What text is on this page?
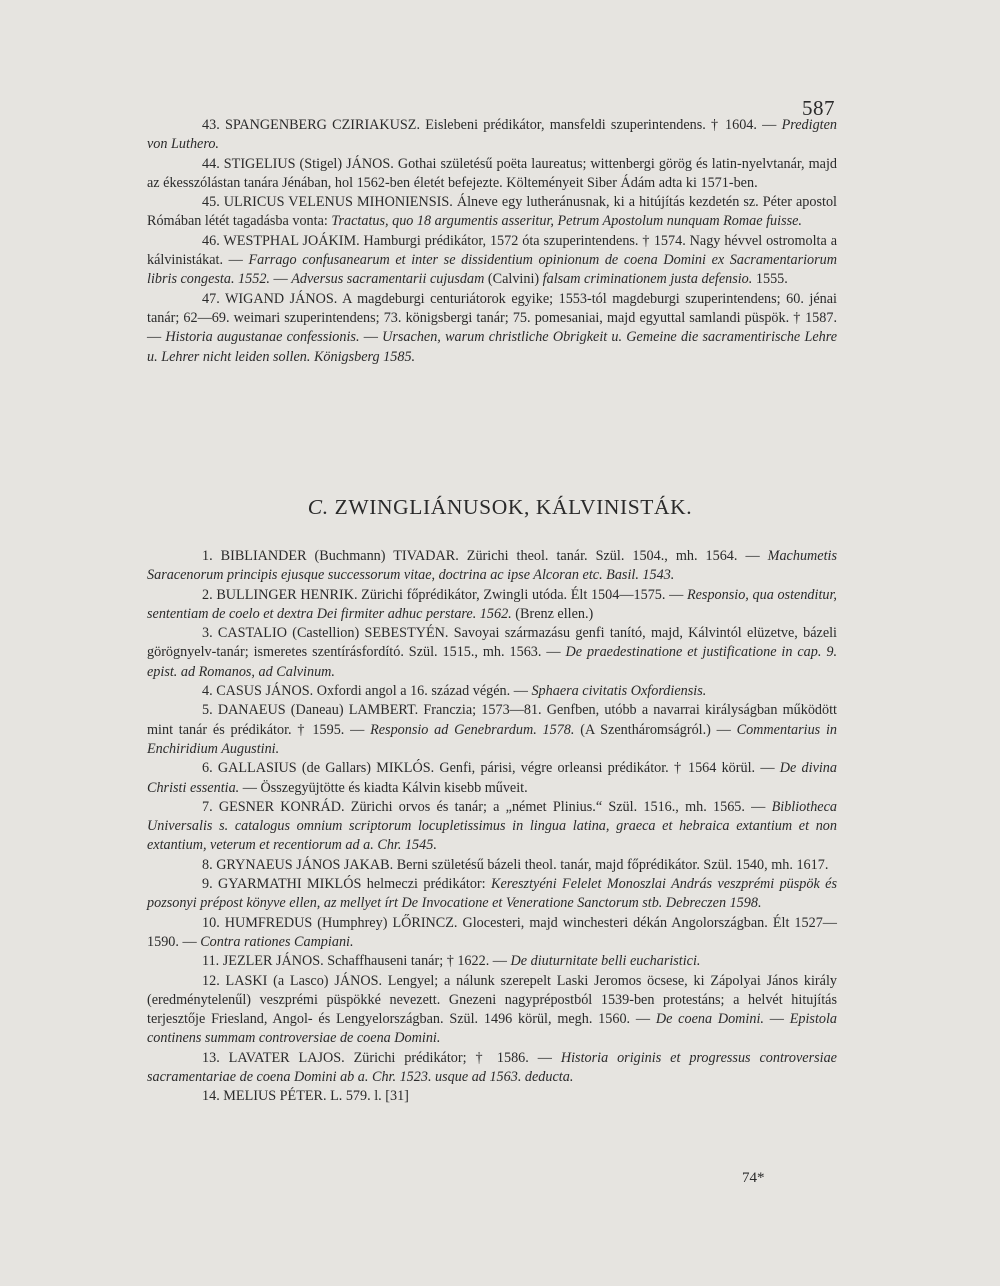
587

43. SPANGENBERG CZIRIAKUSZ. Eislebeni prédikátor, mansfeldi szuperintendens. † 1604. — Predigten von Luthero.

44. STIGELIUS (Stigel) JÁNOS. Gothai születésű poëta laureatus; wittenbergi görög és latin-nyelvtanár, majd az ékesszólástan tanára Jénában, hol 1562-ben életét befejezte. Költeményeit Siber Ádám adta ki 1571-ben.

45. ULRICUS VELENUS MIHONIENSIS. Álneve egy lutheránusnak, ki a hitújítás kezdetén sz. Péter apostol Rómában létét tagadásba vonta: Tractatus, quo 18 argumentis asseritur, Petrum Apostolum nunquam Romae fuisse.

46. WESTPHAL JOÁKIM. Hamburgi prédikátor, 1572 óta szuperintendens. † 1574. Nagy hévvel ostromolta a kálvinistákat. — Farrago confusanearum et inter se dissidentium opinionum de coena Domini ex Sacramentariorum libris congesta. 1552. — Adversus sacramentarii cujusdam (Calvini) falsam criminationem justa defensio. 1555.

47. WIGAND JÁNOS. A magdeburgi centuriátorok egyike; 1553-tól magdeburgi szuperintendens; 60. jénai tanár; 62—69. weimari szuperintendens; 73. königsbergi tanár; 75. pomesaniai, majd egyuttal samlandi püspök. † 1587. — Historia augustanae confessionis. — Ursachen, warum christliche Obrigkeit u. Gemeine die sacramentirische Lehre u. Lehrer nicht leiden sollen. Königsberg 1585.

C. ZWINGLIÁNUSOK, KÁLVINISTÁK.

1. BIBLIANDER (Buchmann) TIVADAR. Zürichi theol. tanár. Szül. 1504., mh. 1564. — Machumetis Saracenorum principis ejusque successorum vitae, doctrina ac ipse Alcoran etc. Basil. 1543.

2. BULLINGER HENRIK. Zürichi főprédikátor, Zwingli utóda. Élt 1504—1575. — Responsio, qua ostenditur, sententiam de coelo et dextra Dei firmiter adhuc perstare. 1562. (Brenz ellen.)

3. CASTALIO (Castellion) SEBESTYÉN. Savoyai származásu genfi tanító, majd, Kálvintól elüzetve, bázeli görögnyelv-tanár; ismeretes szentírásfordító. Szül. 1515., mh. 1563. — De praedestinatione et justificatione in cap. 9. epist. ad Romanos, ad Calvinum.

4. CASUS JÁNOS. Oxfordi angol a 16. század végén. — Sphaera civitatis Oxfordiensis.

5. DANAEUS (Daneau) LAMBERT. Franczia; 1573—81. Genfben, utóbb a navarrai királyságban működött mint tanár és prédikátor. † 1595. — Responsio ad Genebrardum. 1578. (A Szentháromságról.) — Commentarius in Enchiridium Augustini.

6. GALLASIUS (de Gallars) MIKLÓS. Genfi, párisi, végre orleansi prédikátor. † 1564 körül. — De divina Christi essentia. — Összegyüjtötte és kiadta Kálvin kisebb műveit.

7. GESNER KONRÁD. Zürichi orvos és tanár; a „német Plinius.“ Szül. 1516., mh. 1565. — Bibliotheca Universalis s. catalogus omnium scriptorum locupletissimus in lingua latina, graeca et hebraica extantium et non extantium, veterum et recentiorum ad a. Chr. 1545.

8. GRYNAEUS JÁNOS JAKAB. Berni születésű bázeli theol. tanár, majd főprédikátor. Szül. 1540, mh. 1617.

9. GYARMATHI MIKLÓS helmeczi prédikátor: Keresztyéni Felelet Monoszlai András veszprémi püspök és pozsonyi prépost könyve ellen, az mellyet írt De Invocatione et Veneratione Sanctorum stb. Debreczen 1598.

10. HUMFREDUS (Humphrey) LŐRINCZ. Glocesteri, majd winchesteri dékán Angolországban. Élt 1527—1590. — Contra rationes Campiani.

11. JEZLER JÁNOS. Schaffhauseni tanár; † 1622. — De diuturnitate belli eucharistici.

12. LASKI (a Lasco) JÁNOS. Lengyel; a nálunk szerepelt Laski Jeromos öcsese, ki Zápolyai János király (eredménytelenűl) veszprémi püspökké nevezett. Gnezeni nagyprépostból 1539-ben protestáns; a helvét hitujítás terjesztője Friesland, Angol- és Lengyelországban. Szül. 1496 körül, megh. 1560. — De coena Domini. — Epistola continens summam controversiae de coena Domini.

13. LAVATER LAJOS. Zürichi prédikátor; † 1586. — Historia originis et progressus controversiae sacramentariae de coena Domini ab a. Chr. 1523. usque ad 1563. deducta.

14. MELIUS PÉTER. L. 579. l. [31]

74*
